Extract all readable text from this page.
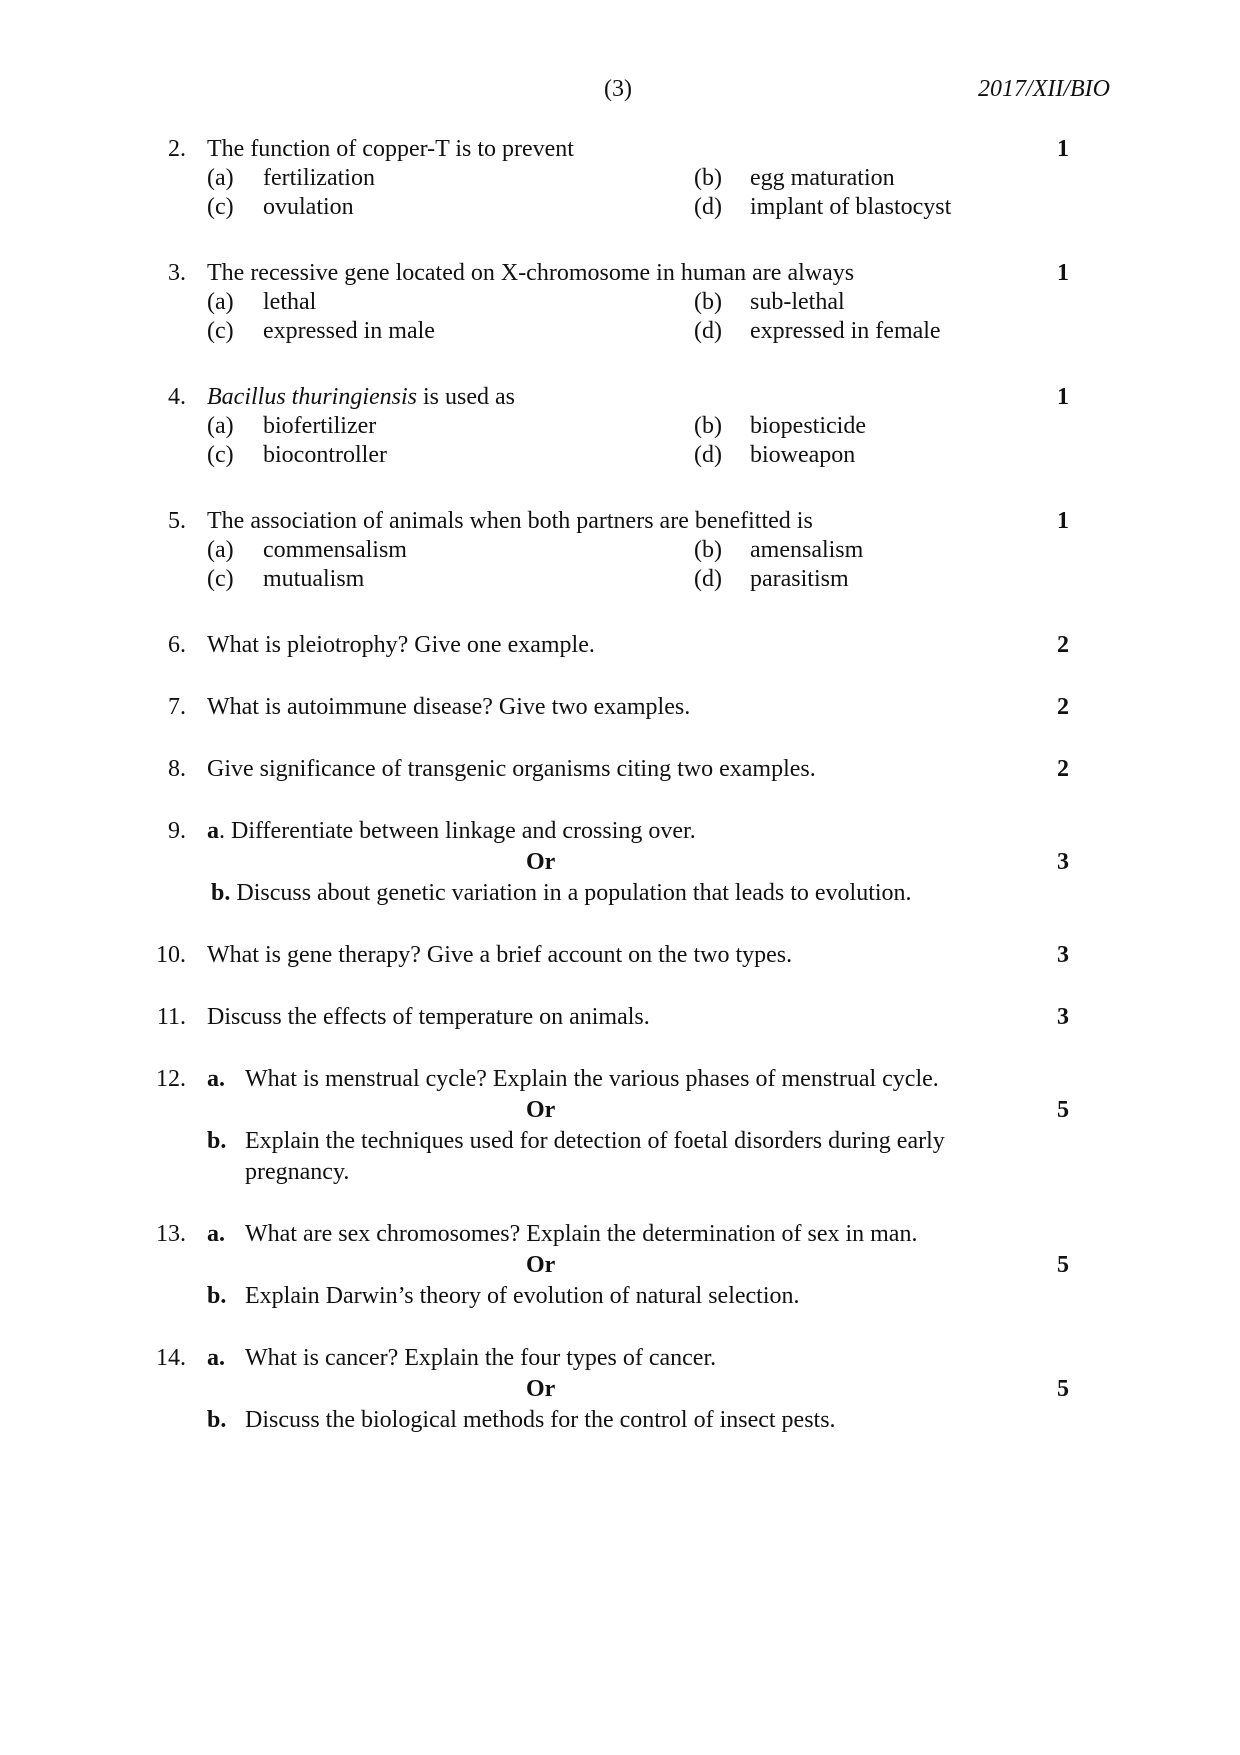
(3)	2017/XII/BIO
2. The function of copper-T is to prevent	1
(a) fertilization	(b) egg maturation
(c) ovulation	(d) implant of blastocyst
3. The recessive gene located on X-chromosome in human are always	1
(a) lethal	(b) sub-lethal
(c) expressed in male	(d) expressed in female
4. Bacillus thuringiensis is used as	1
(a) biofertilizer	(b) biopesticide
(c) biocontroller	(d) bioweapon
5. The association of animals when both partners are benefitted is	1
(a) commensalism	(b) amensalism
(c) mutualism	(d) parasitism
6. What is pleiotrophy? Give one example.	2
7. What is autoimmune disease? Give two examples.	2
8. Give significance of transgenic organisms citing two examples.	2
9. a. Differentiate between linkage and crossing over.
Or	3
b. Discuss about genetic variation in a population that leads to evolution.
10. What is gene therapy? Give a brief account on the two types.	3
11. Discuss the effects of temperature on animals.	3
12. a. What is menstrual cycle? Explain the various phases of menstrual cycle.
Or	5
b. Explain the techniques used for detection of foetal disorders during early
pregnancy.
13. a. What are sex chromosomes? Explain the determination of sex in man.
Or	5
b. Explain Darwin’s theory of evolution of natural selection.
14. a. What is cancer? Explain the four types of cancer.
Or	5
b. Discuss the biological methods for the control of insect pests.
